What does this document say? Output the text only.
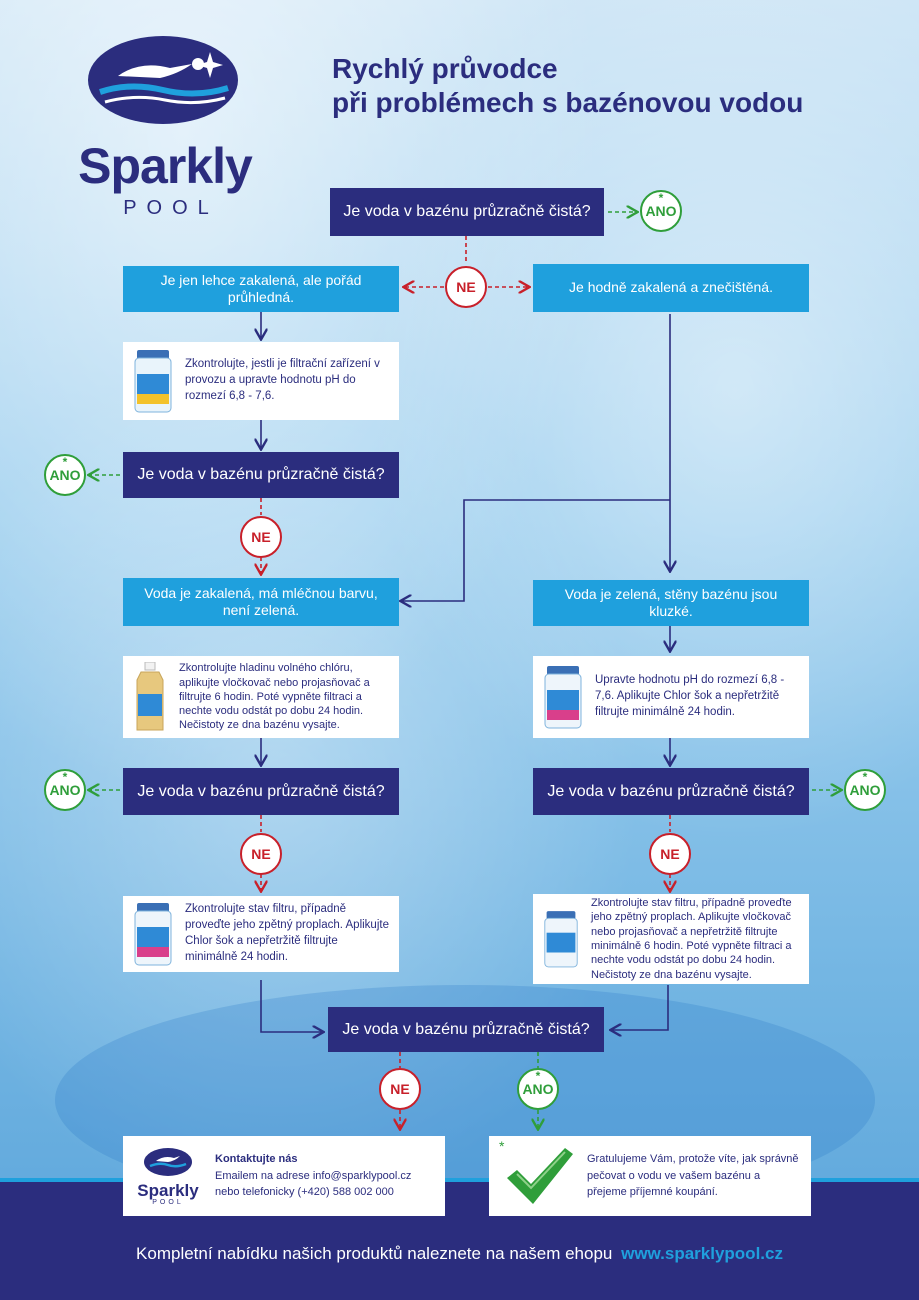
Sparkly
POOL
Rychlý průvodce
při problémech s bazénovou vodou
Je voda v bazénu průzračně čistá?	* ANO
NE
Je jen lehce zakalená, ale pořád průhledná.
Je hodně zakalená a znečištěná.
Zkontrolujte, jestli je filtrační zařízení v provozu a upravte hodnotu pH do rozmezí 6,8 - 7,6.
Je voda v bazénu průzračně čistá?
* ANO
NE
Voda je zakalená, má mléčnou barvu, není zelená.
Voda je zelená, stěny bazénu jsou kluzké.
Zkontrolujte hladinu volného chlóru, aplikujte vločkovač nebo projasňovač a filtrujte 6 hodin. Poté vypněte filtraci a nechte vodu odstát po dobu 24 hodin. Nečistoty ze dna bazénu vysajte.
Upravte hodnotu pH do rozmezí 6,8 - 7,6. Aplikujte Chlor šok a nepřetržitě filtrujte minimálně 24 hodin.
Je voda v bazénu průzračně čistá?
* ANO
NE
Je voda v bazénu průzračně čistá?	* ANO
NE
Zkontrolujte stav filtru, případně proveďte jeho zpětný proplach. Aplikujte Chlor šok a nepřetržitě filtrujte minimálně 24 hodin.
Zkontrolujte stav filtru, případně proveďte jeho zpětný proplach. Aplikujte vločkovač nebo projasňovač a nepřetržitě filtrujte minimálně 6 hodin. Poté vypněte filtraci a nechte vodu odstát po dobu 24 hodin. Nečistoty ze dna bazénu vysajte.
Je voda v bazénu průzračně čistá?
NE	* ANO
Sparkly
POOL
Kontaktujte nás
Emailem na adrese info@sparklypool.cz
nebo telefonicky (+420) 588 002 000
*
Gratulujeme Vám, protože víte, jak správně pečovat o vodu ve vašem bazénu a přejeme příjemné koupání.
Kompletní nabídku našich produktů naleznete na našem ehopu www.sparklypool.cz
